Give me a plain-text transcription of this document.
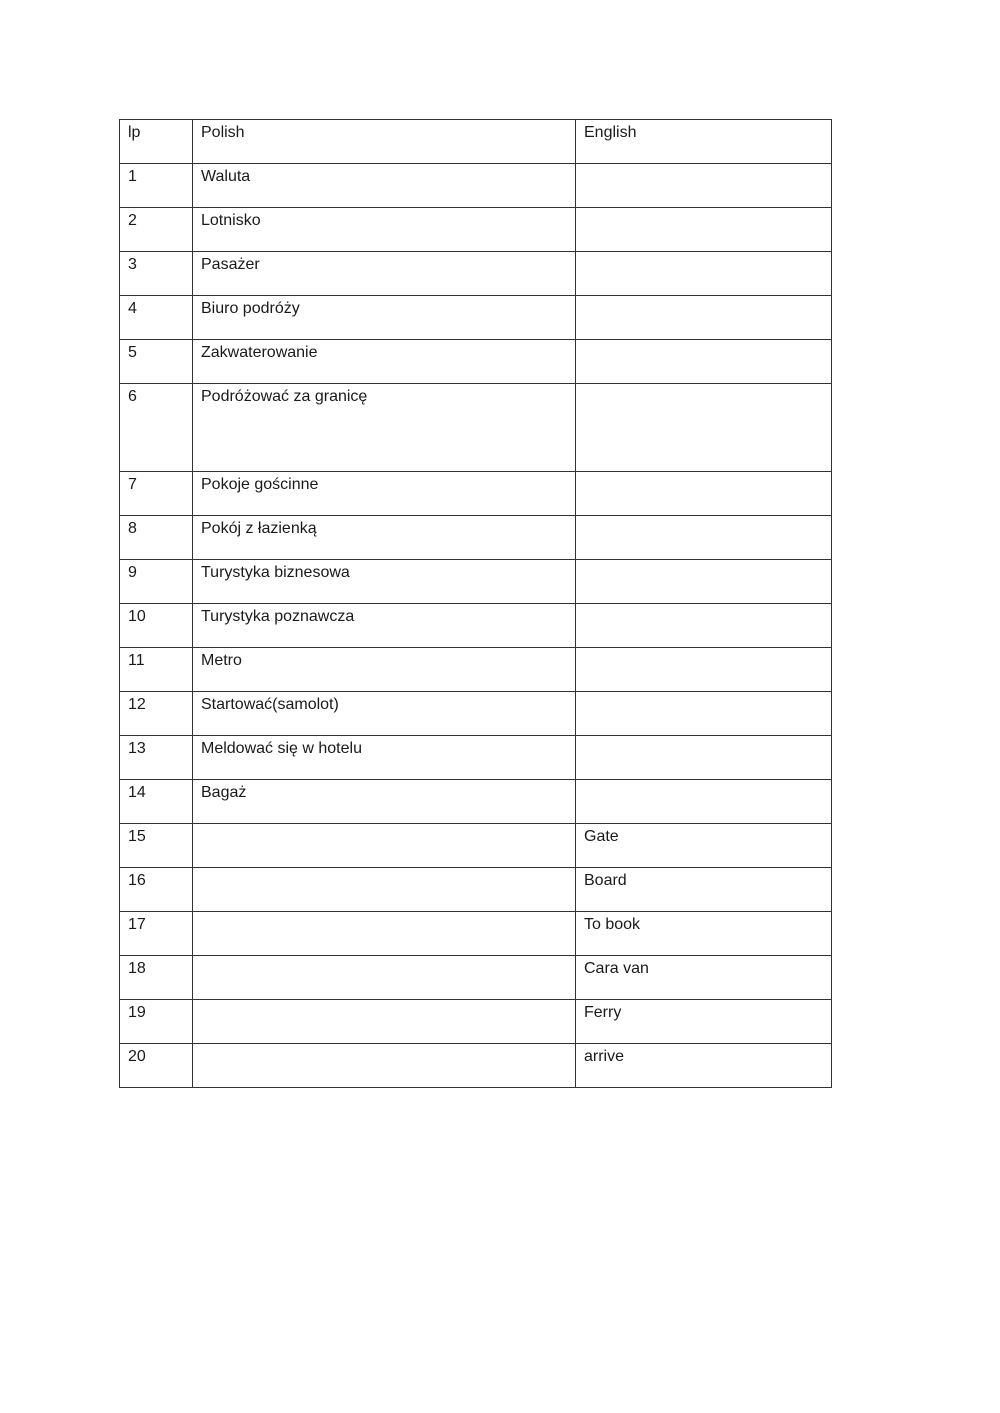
lp	Polish	English
1	Waluta	
2	Lotnisko	
3	Pasażer	
4	Biuro podróży	
5	Zakwaterowanie	
6	Podróżować za granicę	
7	Pokoje gościnne	
8	Pokój z łazienką	
9	Turystyka biznesowa	
10	Turystyka poznawcza	
11	Metro	
12	Startować(samolot)	
13	Meldować się w hotelu	
14	Bagaż	
15		Gate
16		Board
17		To book
18		Cara van
19		Ferry
20		arrive
